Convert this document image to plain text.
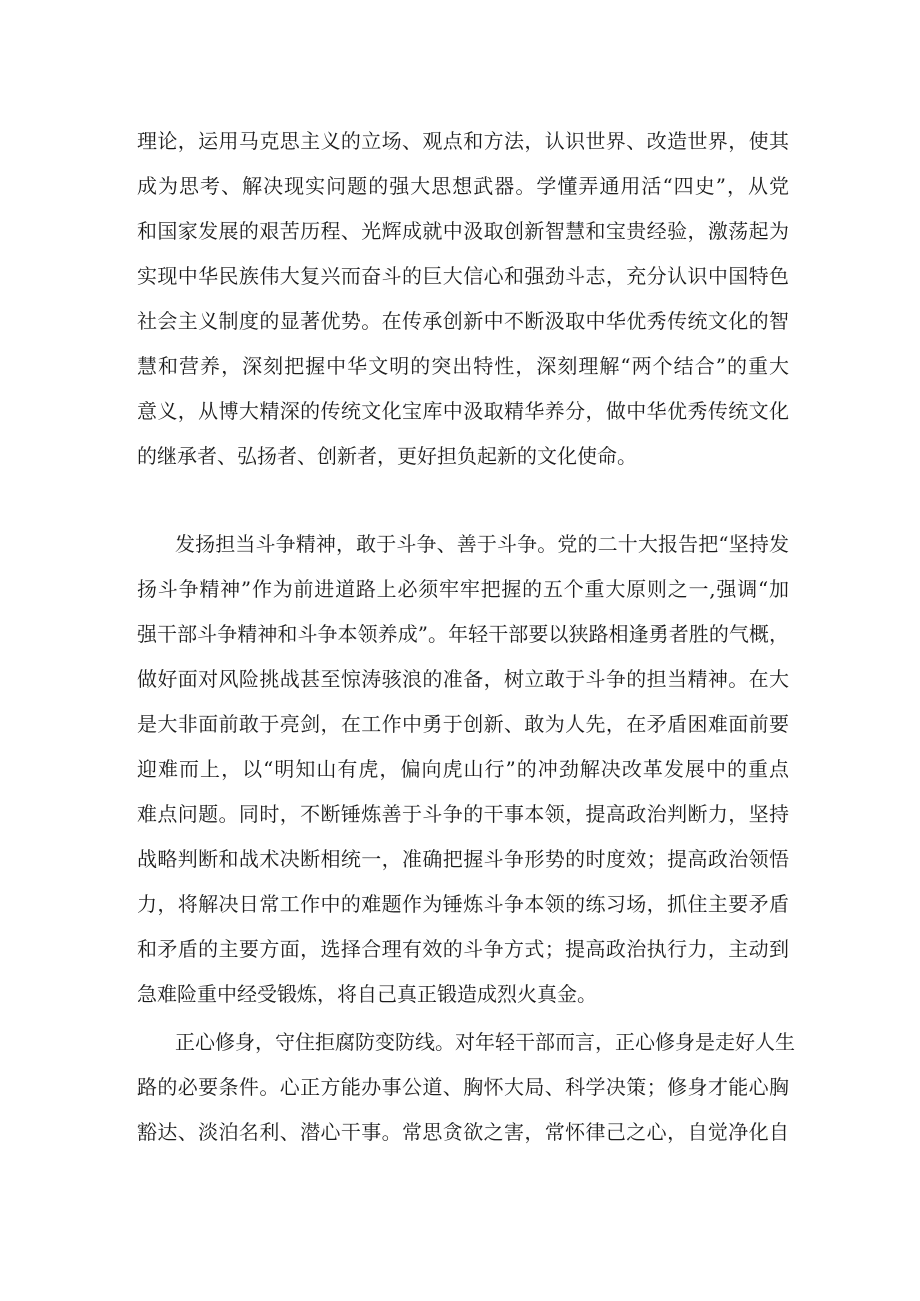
理论，运用马克思主义的立场、观点和方法，认识世界、改造世界，使其
成为思考、解决现实问题的强大思想武器。学懂弄通用活“四史”，从党
和国家发展的艰苦历程、光辉成就中汲取创新智慧和宝贵经验，激荡起为
实现中华民族伟大复兴而奋斗的巨大信心和强劲斗志，充分认识中国特色
社会主义制度的显著优势。在传承创新中不断汲取中华优秀传统文化的智
慧和营养，深刻把握中华文明的突出特性，深刻理解“两个结合”的重大
意义，从博大精深的传统文化宝库中汲取精华养分，做中华优秀传统文化
的继承者、弘扬者、创新者，更好担负起新的文化使命。
发扬担当斗争精神，敢于斗争、善于斗争。党的二十大报告把“坚持发
扬斗争精神”作为前进道路上必须牢牢把握的五个重大原则之一,强调“加
强干部斗争精神和斗争本领养成”。年轻干部要以狭路相逢勇者胜的气概，
做好面对风险挑战甚至惊涛骇浪的准备，树立敢于斗争的担当精神。在大
是大非面前敢于亮剑，在工作中勇于创新、敢为人先，在矛盾困难面前要
迎难而上，以“明知山有虎，偏向虎山行”的冲劲解决改革发展中的重点
难点问题。同时，不断锤炼善于斗争的干事本领，提高政治判断力，坚持
战略判断和战术决断相统一，准确把握斗争形势的时度效；提高政治领悟
力，将解决日常工作中的难题作为锤炼斗争本领的练习场，抓住主要矛盾
和矛盾的主要方面，选择合理有效的斗争方式；提高政治执行力，主动到
急难险重中经受锻炼，将自己真正锻造成烈火真金。
正心修身，守住拒腐防变防线。对年轻干部而言，正心修身是走好人生
路的必要条件。心正方能办事公道、胸怀大局、科学决策；修身才能心胸
豁达、淡泊名利、潜心干事。常思贪欲之害，常怀律己之心，自觉净化自
